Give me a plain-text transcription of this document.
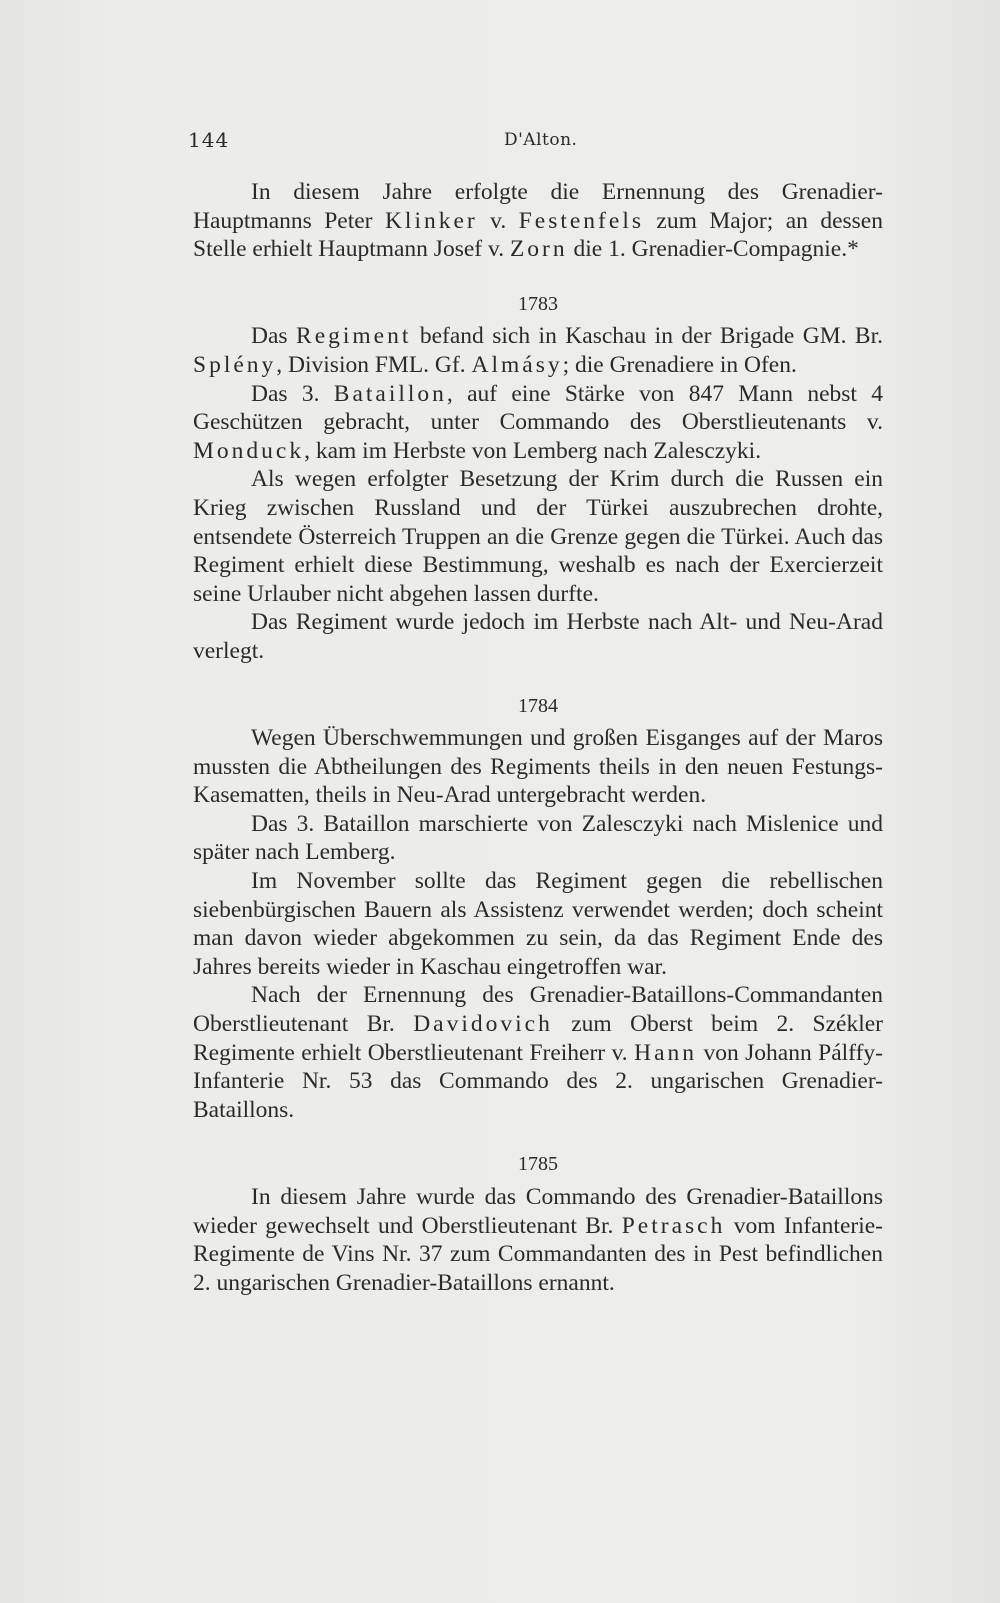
144	D'Alton.

In diesem Jahre erfolgte die Ernennung des Grenadier-Hauptmanns Peter Klinker v. Festenfels zum Major; an dessen Stelle erhielt Hauptmann Josef v. Zorn die 1. Grenadier-Compagnie.*

1783

Das Regiment befand sich in Kaschau in der Brigade GM. Br. Splény, Division FML. Gf. Almásy; die Grenadiere in Ofen.

Das 3. Bataillon, auf eine Stärke von 847 Mann nebst 4 Geschützen gebracht, unter Commando des Oberstlieutenants v. Monduck, kam im Herbste von Lemberg nach Zalesczyki.

Als wegen erfolgter Besetzung der Krim durch die Russen ein Krieg zwischen Russland und der Türkei auszubrechen drohte, entsendete Österreich Truppen an die Grenze gegen die Türkei. Auch das Regiment erhielt diese Bestimmung, weshalb es nach der Exercierzeit seine Urlauber nicht abgehen lassen durfte.

Das Regiment wurde jedoch im Herbste nach Alt- und Neu-Arad verlegt.

1784

Wegen Überschwemmungen und großen Eisganges auf der Maros mussten die Abtheilungen des Regiments theils in den neuen Festungs-Kasematten, theils in Neu-Arad untergebracht werden.

Das 3. Bataillon marschierte von Zalesczyki nach Mislenice und später nach Lemberg.

Im November sollte das Regiment gegen die rebellischen siebenbürgischen Bauern als Assistenz verwendet werden; doch scheint man davon wieder abgekommen zu sein, da das Regiment Ende des Jahres bereits wieder in Kaschau eingetroffen war.

Nach der Ernennung des Grenadier-Bataillons-Commandanten Oberstlieutenant Br. Davidovich zum Oberst beim 2. Székler Regimente erhielt Oberstlieutenant Freiherr v. Hann von Johann Pálffy-Infanterie Nr. 53 das Commando des 2. ungarischen Grenadier-Bataillons.

1785

In diesem Jahre wurde das Commando des Grenadier-Bataillons wieder gewechselt und Oberstlieutenant Br. Petrasch vom Infanterie-Regimente de Vins Nr. 37 zum Commandanten des in Pest befindlichen 2. ungarischen Grenadier-Bataillons ernannt.
